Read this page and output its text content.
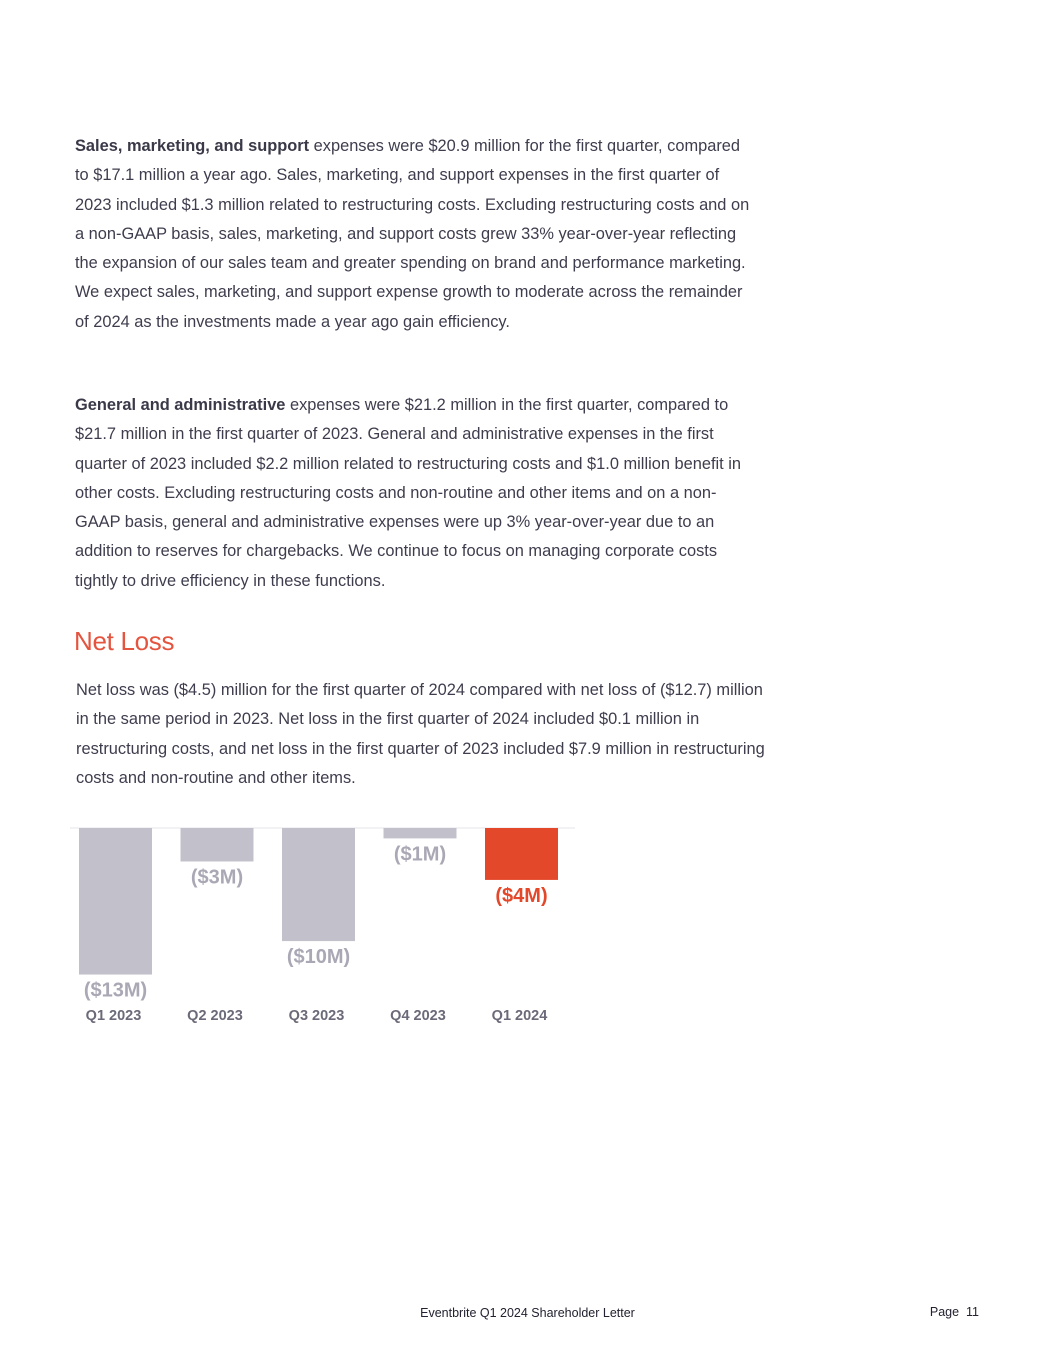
Sales, marketing, and support expenses were $20.9 million for the first quarter, compared to $17.1 million a year ago. Sales, marketing, and support expenses in the first quarter of 2023 included $1.3 million related to restructuring costs. Excluding restructuring costs and on a non-GAAP basis, sales, marketing, and support costs grew 33% year-over-year reflecting the expansion of our sales team and greater spending on brand and performance marketing. We expect sales, marketing, and support expense growth to moderate across the remainder of 2024 as the investments made a year ago gain efficiency.

General and administrative expenses were $21.2 million in the first quarter, compared to $21.7 million in the first quarter of 2023. General and administrative expenses in the first quarter of 2023 included $2.2 million related to restructuring costs and $1.0 million benefit in other costs. Excluding restructuring costs and non-routine and other items and on a non-GAAP basis, general and administrative expenses were up 3% year-over-year due to an addition to reserves for chargebacks. We continue to focus on managing corporate costs tightly to drive efficiency in these functions.

Net Loss

Net loss was ($4.5) million for the first quarter of 2024 compared with net loss of ($12.7) million in the same period in 2023. Net loss in the first quarter of 2024 included $0.1 million in restructuring costs, and net loss in the first quarter of 2023 included $7.9 million in restructuring costs and non-routine and other items.

($13M)
Q1 2023
($3M)
Q2 2023
($10M)
Q3 2023
($1M)
Q4 2023
($4M)
Q1 2024
Eventbrite Q1 2024 Shareholder Letter	Page 11
